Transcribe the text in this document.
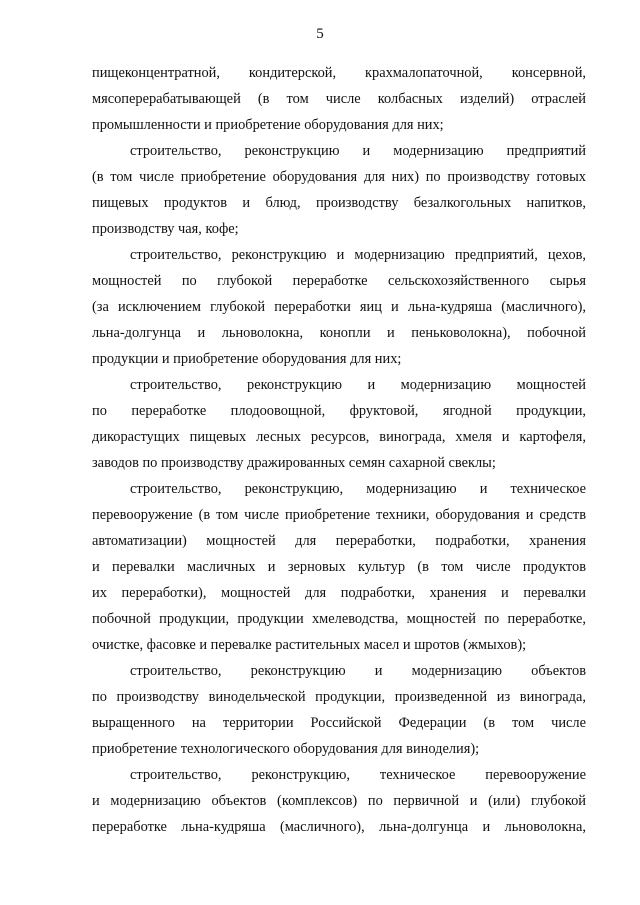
5
пищеконцентратной, кондитерской, крахмалопаточной, консервной,
мясоперерабатывающей (в том числе колбасных изделий) отраслей
промышленности и приобретение оборудования для них;
строительство, реконструкцию и модернизацию предприятий
(в том числе приобретение оборудования для них) по производству готовых
пищевых продуктов и блюд, производству безалкогольных напитков,
производству чая, кофе;
строительство, реконструкцию и модернизацию предприятий, цехов,
мощностей по глубокой переработке сельскохозяйственного сырья
(за исключением глубокой переработки яиц и льна-кудряша (масличного),
льна-долгунца и льноволокна, конопли и пеньковолокна), побочной
продукции и приобретение оборудования для них;
строительство, реконструкцию и модернизацию мощностей
по переработке плодоовощной, фруктовой, ягодной продукции,
дикорастущих пищевых лесных ресурсов, винограда, хмеля и картофеля,
заводов по производству дражированных семян сахарной свеклы;
строительство, реконструкцию, модернизацию и техническое
перевооружение (в том числе приобретение техники, оборудования и средств
автоматизации) мощностей для переработки, подработки, хранения
и перевалки масличных и зерновых культур (в том числе продуктов
их переработки), мощностей для подработки, хранения и перевалки
побочной продукции, продукции хмелеводства, мощностей по переработке,
очистке, фасовке и перевалке растительных масел и шротов (жмыхов);
строительство, реконструкцию и модернизацию объектов
по производству винодельческой продукции, произведенной из винограда,
выращенного на территории Российской Федерации (в том числе
приобретение технологического оборудования для виноделия);
строительство, реконструкцию, техническое перевооружение
и модернизацию объектов (комплексов) по первичной и (или) глубокой
переработке льна-кудряша (масличного), льна-долгунца и льноволокна,
